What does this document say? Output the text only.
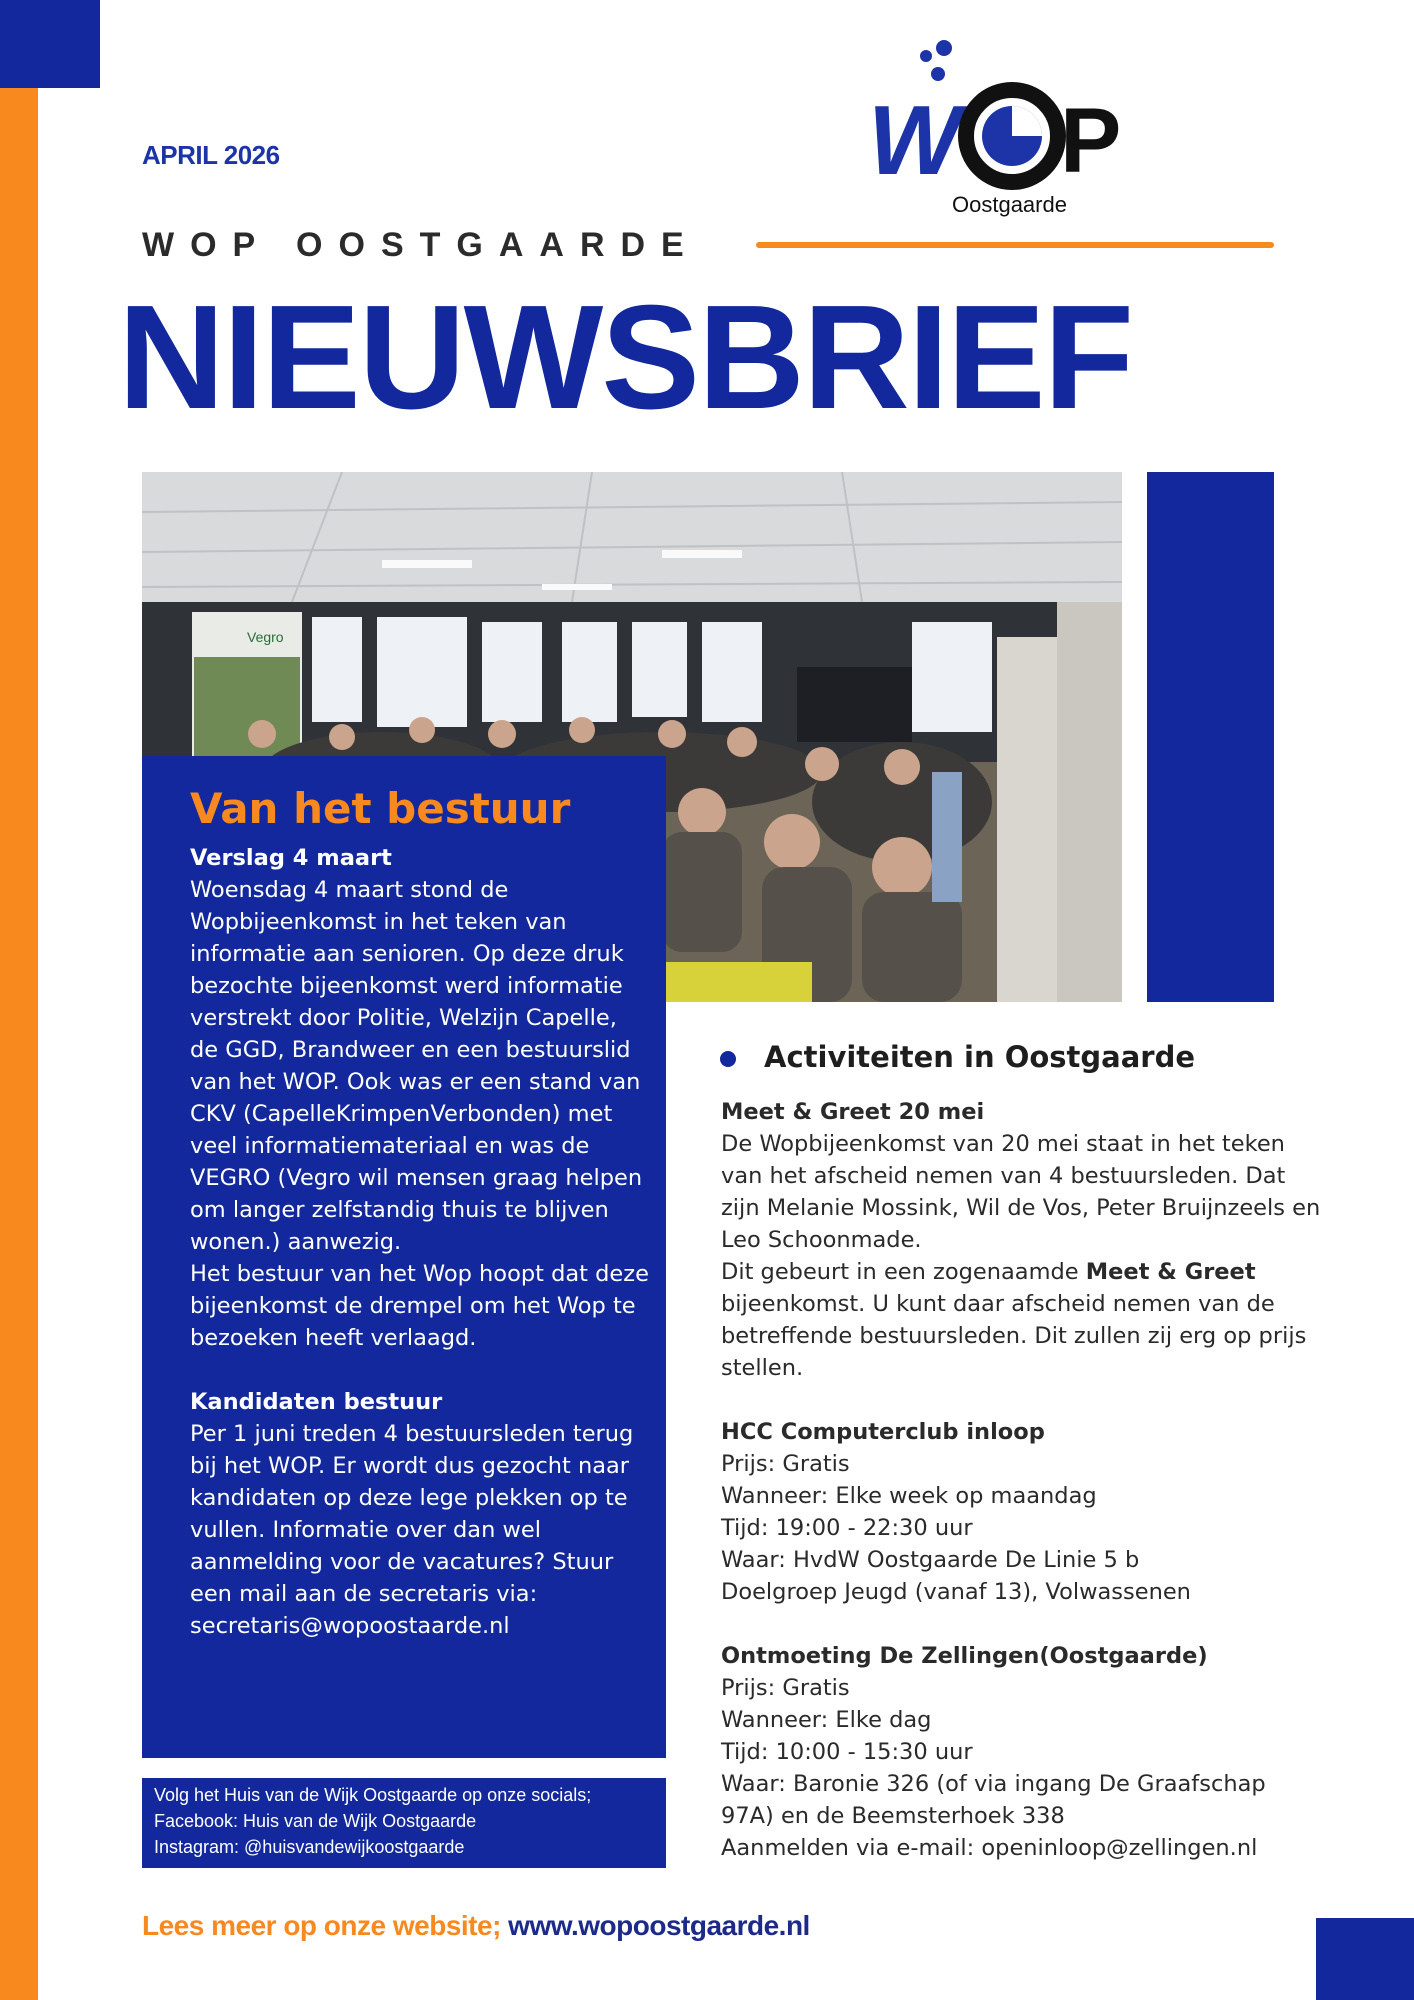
APRIL 2026
WOP OOSTGAARDE
W P
Oostgaarde
NIEUWSBRIEF
Vegro
Van het bestuur
Verslag 4 maart

Woensdag 4 maart stond de Wopbijeenkomst in het teken van informatie aan senioren. Op deze druk bezochte bijeenkomst werd informatie verstrekt door Politie, Welzijn Capelle, de GGD, Brandweer en een bestuurslid van het WOP. Ook was er een stand van CKV (CapelleKrimpenVerbonden) met veel informatiemateriaal en was de VEGRO (Vegro wil mensen graag helpen om langer zelfstandig thuis te blijven wonen.) aanwezig.

Het bestuur van het Wop hoopt dat deze bijeenkomst de drempel om het Wop te bezoeken heeft verlaagd.

Kandidaten bestuur

Per 1 juni treden 4 bestuursleden terug bij het WOP. Er wordt dus gezocht naar kandidaten op deze lege plekken op te vullen. Informatie over dan wel aanmelding voor de vacatures? Stuur een mail aan de secretaris via: secretaris@wopoostaarde.nl

Volg het Huis van de Wijk Oostgaarde op onze socials;
Facebook: Huis van de Wijk Oostgaarde
Instagram: @huisvandewijkoostgaarde
Activiteiten in Oostgaarde
Meet & Greet 20 mei
De Wopbijeenkomst van 20 mei staat in het teken van het afscheid nemen van 4 bestuursleden. Dat zijn Melanie Mossink, Wil de Vos, Peter Bruijnzeels en Leo Schoonmade.
Dit gebeurt in een zogenaamde Meet & Greet bijeenkomst. U kunt daar afscheid nemen van de betreffende bestuursleden. Dit zullen zij erg op prijs stellen.
HCC Computerclub inloop
Prijs: Gratis
Wanneer: Elke week op maandag
Tijd: 19:00 - 22:30 uur
Waar: HvdW Oostgaarde De Linie 5 b
Doelgroep Jeugd (vanaf 13), Volwassenen
Ontmoeting De Zellingen(Oostgaarde)
Prijs: Gratis
Wanneer: Elke dag
Tijd: 10:00 - 15:30 uur
Waar: Baronie 326 (of via ingang De Graafschap 97A) en de Beemsterhoek 338
Aanmelden via e-mail: openinloop@zellingen.nl
Lees meer op onze website; www.wopoostgaarde.nl
